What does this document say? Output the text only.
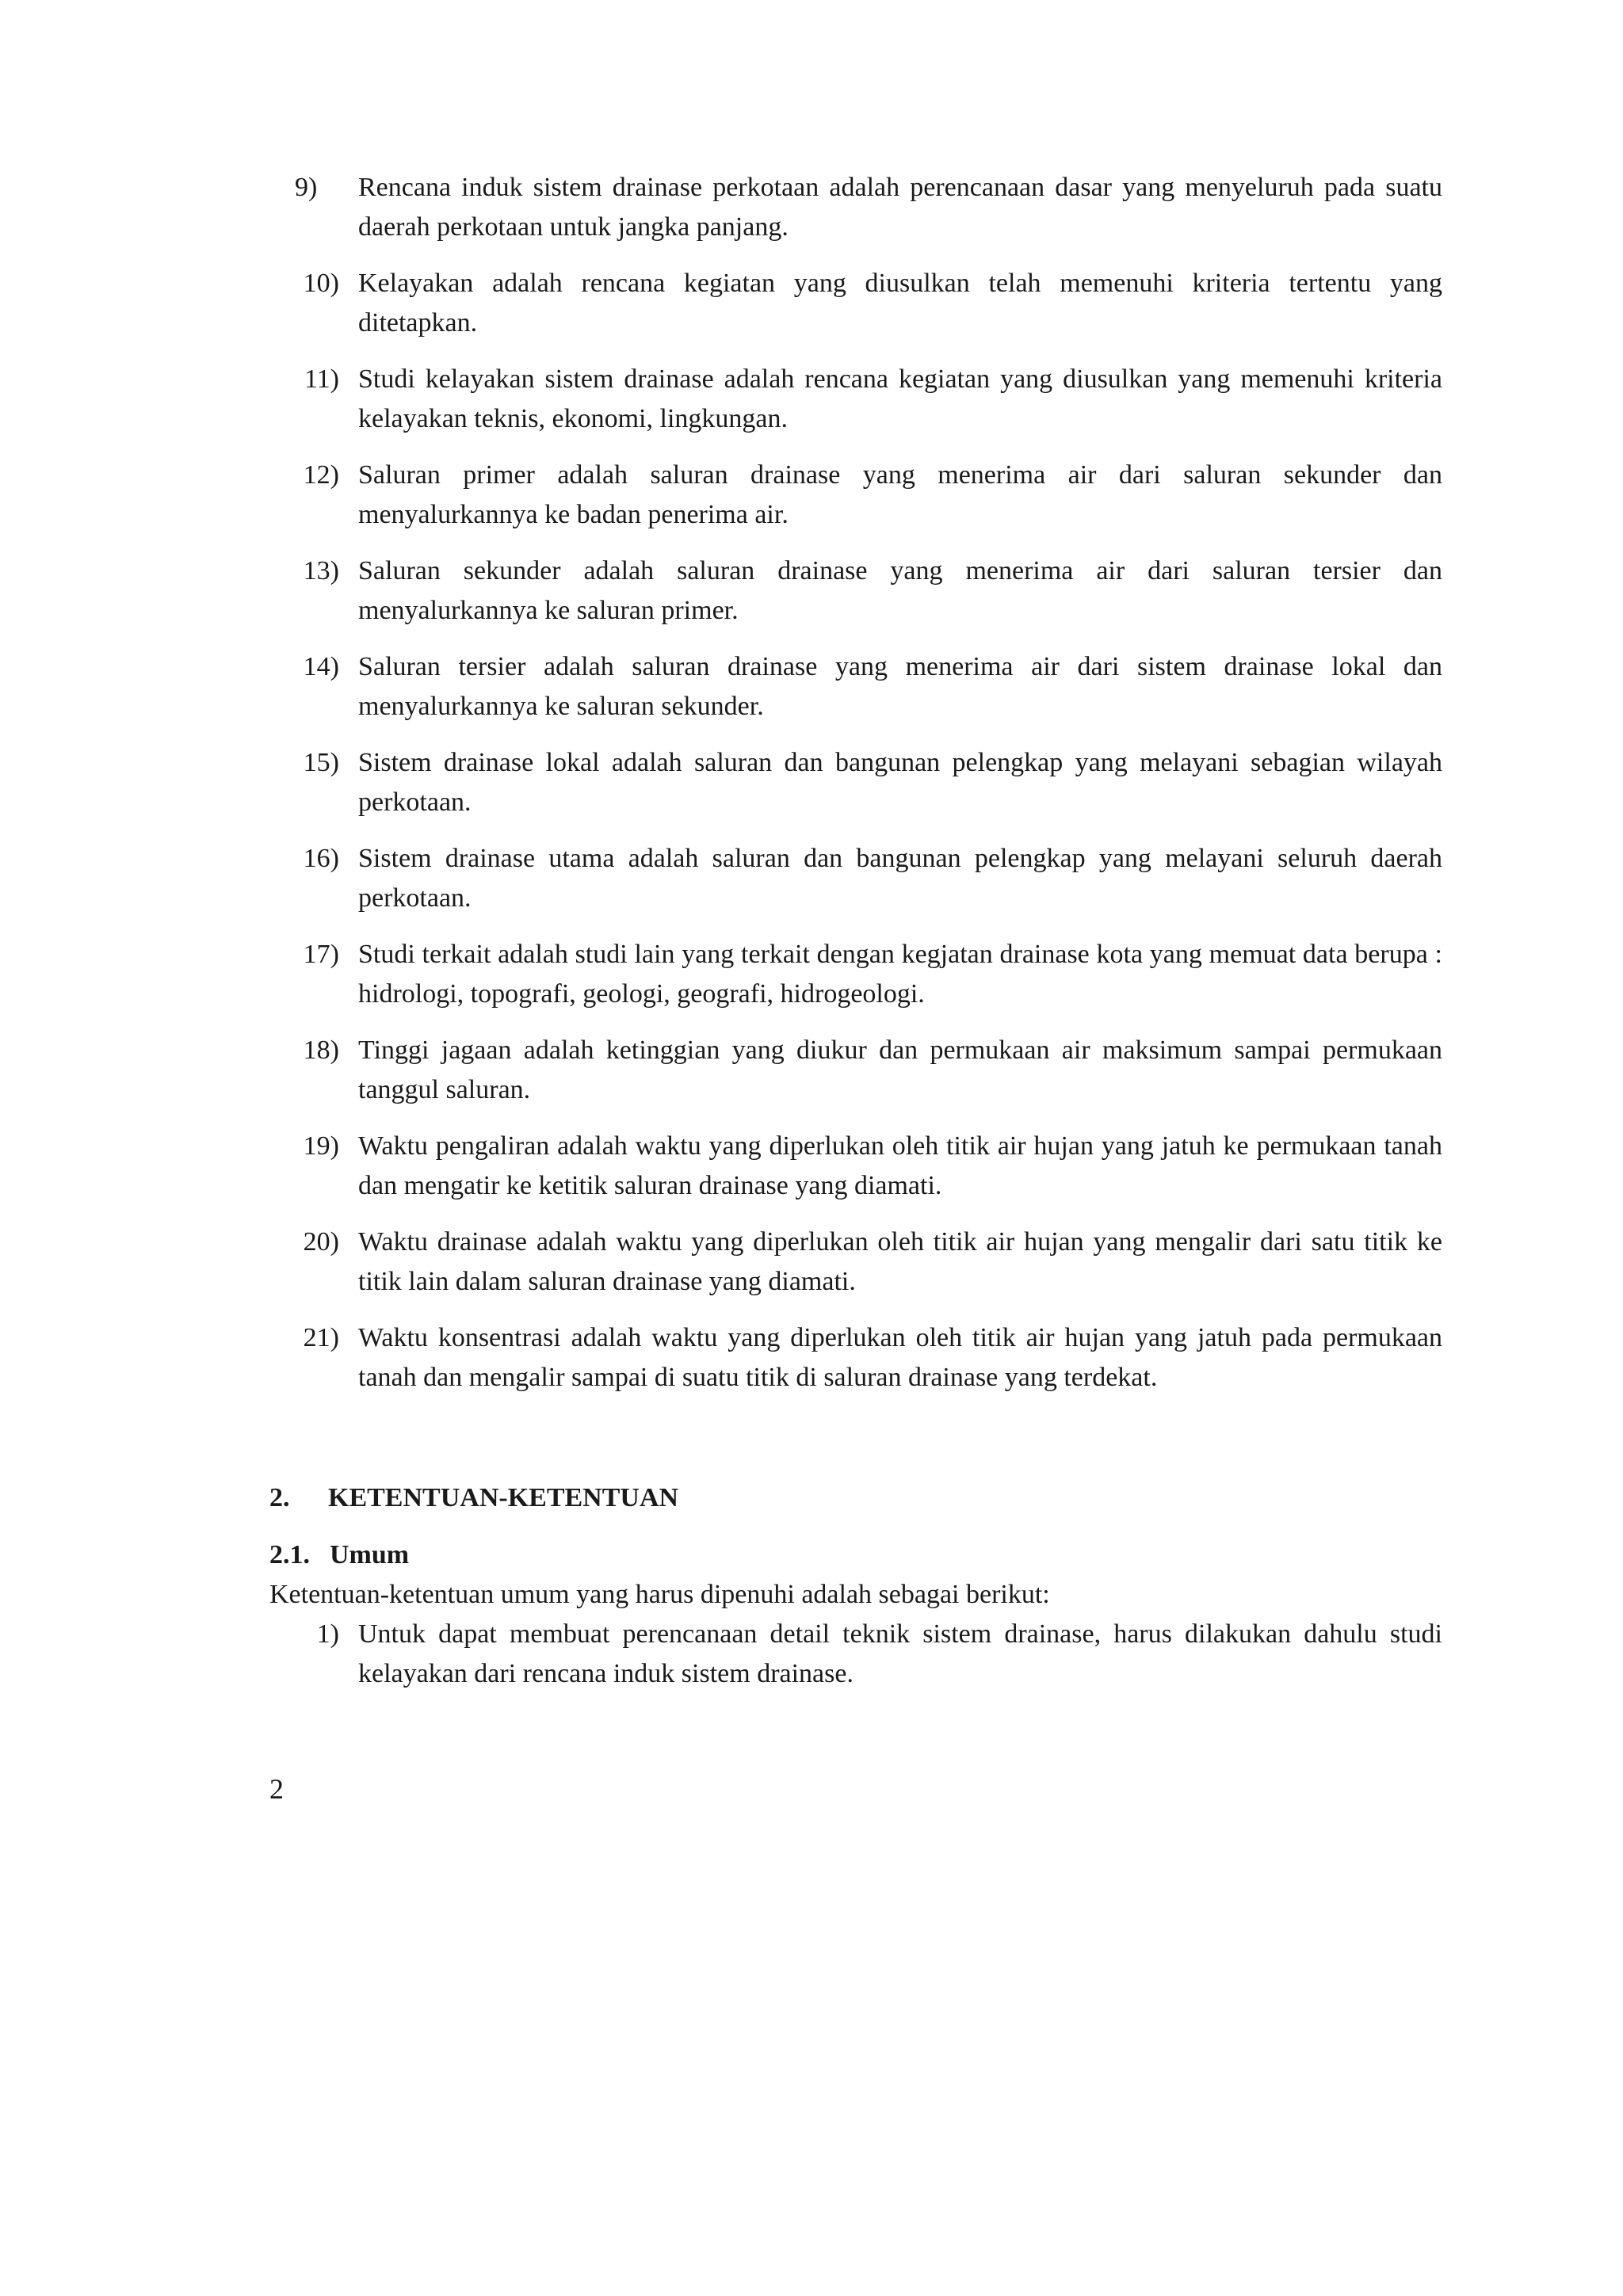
9)	Rencana induk sistem drainase perkotaan adalah perencanaan dasar yang menyeluruh pada suatu daerah perkotaan untuk jangka panjang.
10) Kelayakan adalah rencana kegiatan yang diusulkan telah memenuhi kriteria tertentu yang ditetapkan.
11) Studi kelayakan sistem drainase adalah rencana kegiatan yang diusulkan yang memenuhi kriteria kelayakan teknis, ekonomi, lingkungan.
12) Saluran primer adalah saluran drainase yang menerima air dari saluran sekunder dan menyalurkannya ke badan penerima air.
13) Saluran sekunder adalah saluran drainase yang menerima air dari saluran tersier dan menyalurkannya ke saluran primer.
14) Saluran tersier adalah saluran drainase yang menerima air dari sistem drainase lokal dan menyalurkannya ke saluran sekunder.
15) Sistem drainase lokal adalah saluran dan bangunan pelengkap yang melayani sebagian wilayah perkotaan.
16) Sistem drainase utama adalah saluran dan bangunan pelengkap yang melayani seluruh daerah perkotaan.
17) Studi terkait adalah studi lain yang terkait dengan kegjatan drainase kota yang memuat data berupa : hidrologi, topografi, geologi, geografi, hidrogeologi.
18) Tinggi jagaan adalah ketinggian yang diukur dan permukaan air maksimum sampai permukaan tanggul saluran.
19) Waktu pengaliran adalah waktu yang diperlukan oleh titik air hujan yang jatuh ke permukaan tanah dan mengatir ke ketitik saluran drainase yang diamati.
20) Waktu drainase adalah waktu yang diperlukan oleh titik air hujan yang mengalir dari satu titik ke titik lain dalam saluran drainase yang diamati.
21) Waktu konsentrasi adalah waktu yang diperlukan oleh titik air hujan yang jatuh pada permukaan tanah dan mengalir sampai di suatu titik di saluran drainase yang terdekat.
2. KETENTUAN-KETENTUAN
2.1. Umum

Ketentuan-ketentuan umum yang harus dipenuhi adalah sebagai berikut:

1) Untuk dapat membuat perencanaan detail teknik sistem drainase, harus dilakukan dahulu studi kelayakan dari rencana induk sistem drainase.

2
